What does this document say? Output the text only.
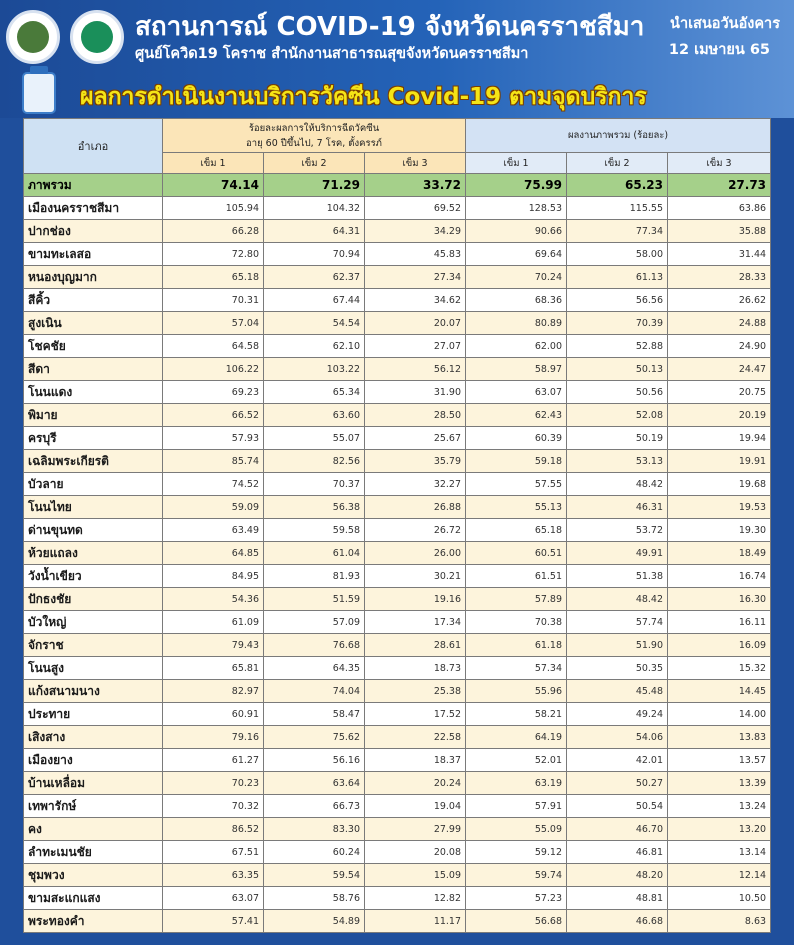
สถานการณ์ COVID-19 จังหวัดนครราชสีมา
ศูนย์โควิด19 โคราช สำนักงานสาธารณสุขจังหวัดนครราชสีมา
นำเสนอวันอังคาร
12 เมษายน 65
ผลการดำเนินงานบริการวัคซีน Covid-19 ตามจุดบริการ
อำเภอ	ร้อยละผลการให้บริการฉีดวัคซีน
อายุ 60 ปีขึ้นไป, 7 โรค, ตั้งครรภ์			ผลงานภาพรวม (ร้อยละ)		
	เข็ม 1	เข็ม 2	เข็ม 3	เข็ม 1	เข็ม 2	เข็ม 3
ภาพรวม	74.14	71.29	33.72	75.99	65.23	27.73
เมืองนครราชสีมา	105.94	104.32	69.52	128.53	115.55	63.86
ปากช่อง	66.28	64.31	34.29	90.66	77.34	35.88
ขามทะเลสอ	72.80	70.94	45.83	69.64	58.00	31.44
หนองบุญมาก	65.18	62.37	27.34	70.24	61.13	28.33
สีคิ้ว	70.31	67.44	34.62	68.36	56.56	26.62
สูงเนิน	57.04	54.54	20.07	80.89	70.39	24.88
โชคชัย	64.58	62.10	27.07	62.00	52.88	24.90
สีดา	106.22	103.22	56.12	58.97	50.13	24.47
โนนแดง	69.23	65.34	31.90	63.07	50.56	20.75
พิมาย	66.52	63.60	28.50	62.43	52.08	20.19
ครบุรี	57.93	55.07	25.67	60.39	50.19	19.94
เฉลิมพระเกียรติ	85.74	82.56	35.79	59.18	53.13	19.91
บัวลาย	74.52	70.37	32.27	57.55	48.42	19.68
โนนไทย	59.09	56.38	26.88	55.13	46.31	19.53
ด่านขุนทด	63.49	59.58	26.72	65.18	53.72	19.30
ห้วยแถลง	64.85	61.04	26.00	60.51	49.91	18.49
วังน้ำเขียว	84.95	81.93	30.21	61.51	51.38	16.74
ปักธงชัย	54.36	51.59	19.16	57.89	48.42	16.30
บัวใหญ่	61.09	57.09	17.34	70.38	57.74	16.11
จักราช	79.43	76.68	28.61	61.18	51.90	16.09
โนนสูง	65.81	64.35	18.73	57.34	50.35	15.32
แก้งสนามนาง	82.97	74.04	25.38	55.96	45.48	14.45
ประทาย	60.91	58.47	17.52	58.21	49.24	14.00
เสิงสาง	79.16	75.62	22.58	64.19	54.06	13.83
เมืองยาง	61.27	56.16	18.37	52.01	42.01	13.57
บ้านเหลื่อม	70.23	63.64	20.24	63.19	50.27	13.39
เทพารักษ์	70.32	66.73	19.04	57.91	50.54	13.24
คง	86.52	83.30	27.99	55.09	46.70	13.20
ลำทะเมนชัย	67.51	60.24	20.08	59.12	46.81	13.14
ชุมพวง	63.35	59.54	15.09	59.74	48.20	12.14
ขามสะแกแสง	63.07	58.76	12.82	57.23	48.81	10.50
พระทองคำ	57.41	54.89	11.17	56.68	46.68	8.63
